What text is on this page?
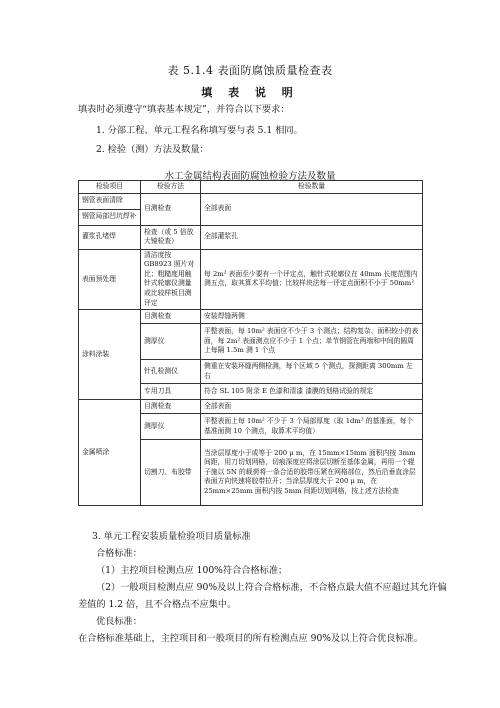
表 5.1.4 表面防腐蚀质量检查表
填 表 说 明
填表时必须遵守“填表基本规定”，并符合以下要求：
1. 分部工程、单元工程名称填写要与表 5.1 相同。
2. 检验（测）方法及数量：
水工金属结构表面防腐蚀检验方法及数量
检验项目	检验方法	检验数量
钢管表面清除	目测检查	全部表面
钢管局部凹坑焊补		
灌浆孔堵焊	检查（或 5 倍放大镜检查）	全部灌浆孔
表面预处理	清洁度按 GB8923 照片对比；粗糙度用触针式轮廓仪测量或比较样板目测评定	每 2m² 表面至少要有一个评定点，触针式轮廓仪在 40mm 长度范围内测五点，取其算术平均值；比较样块法每一评定点面积不小于 50mm²
涂料涂装	目测检查	安装焊缝两侧
	测厚仪	平整表面，每 10m² 表面应不少于 3 个测点；结构复杂、面积较小的表面，每 2m² 表面测点应不少于 1 个点；单节钢管在两端和中间的圆周上每隔 1.5m 测 1 个点
	针孔检测仪	侧重在安装环缝两侧检测，每个区域 5 个测点，探测距离 300mm 左右
	专用刀具	符合 SL 105 附录 E 色漆和清漆 漆膜的划格试验的规定
金属喷涂	目测检查	全部表面
	测厚仪	平整表面上每 10m² 不少于 3 个局部厚度（取 1dm² 的基准面，每个基准面测 10 个测点，取算术平均值）
	切割刀、布胶带	当涂层厚度小于或等于 200 μ m，在 15mm×15mm 面积内按 3mm 间距，用刀切划网格，切痕深度应将涂层切断至基体金属，再用一个辊子施以 5N 的载荷将一条合适的胶带压紧在网格部位，然后沿垂直涂层表面方向快速将胶带拉开；当涂层厚度大于 200 μ m，在 25mm×25mm 面积内按 5mm 间距切划网格，按上述方法检查
3. 单元工程安装质量检验项目质量标准
合格标准：
（1）主控项目检测点应 100%符合合格标准；
（2）一般项目检测点应 90%及以上符合合格标准，不合格点最大值不应超过其允许偏
差值的 1.2 倍，且不合格点不应集中。
优良标准：
在合格标准基础上，主控项目和一般项目的所有检测点应 90%及以上符合优良标准。
